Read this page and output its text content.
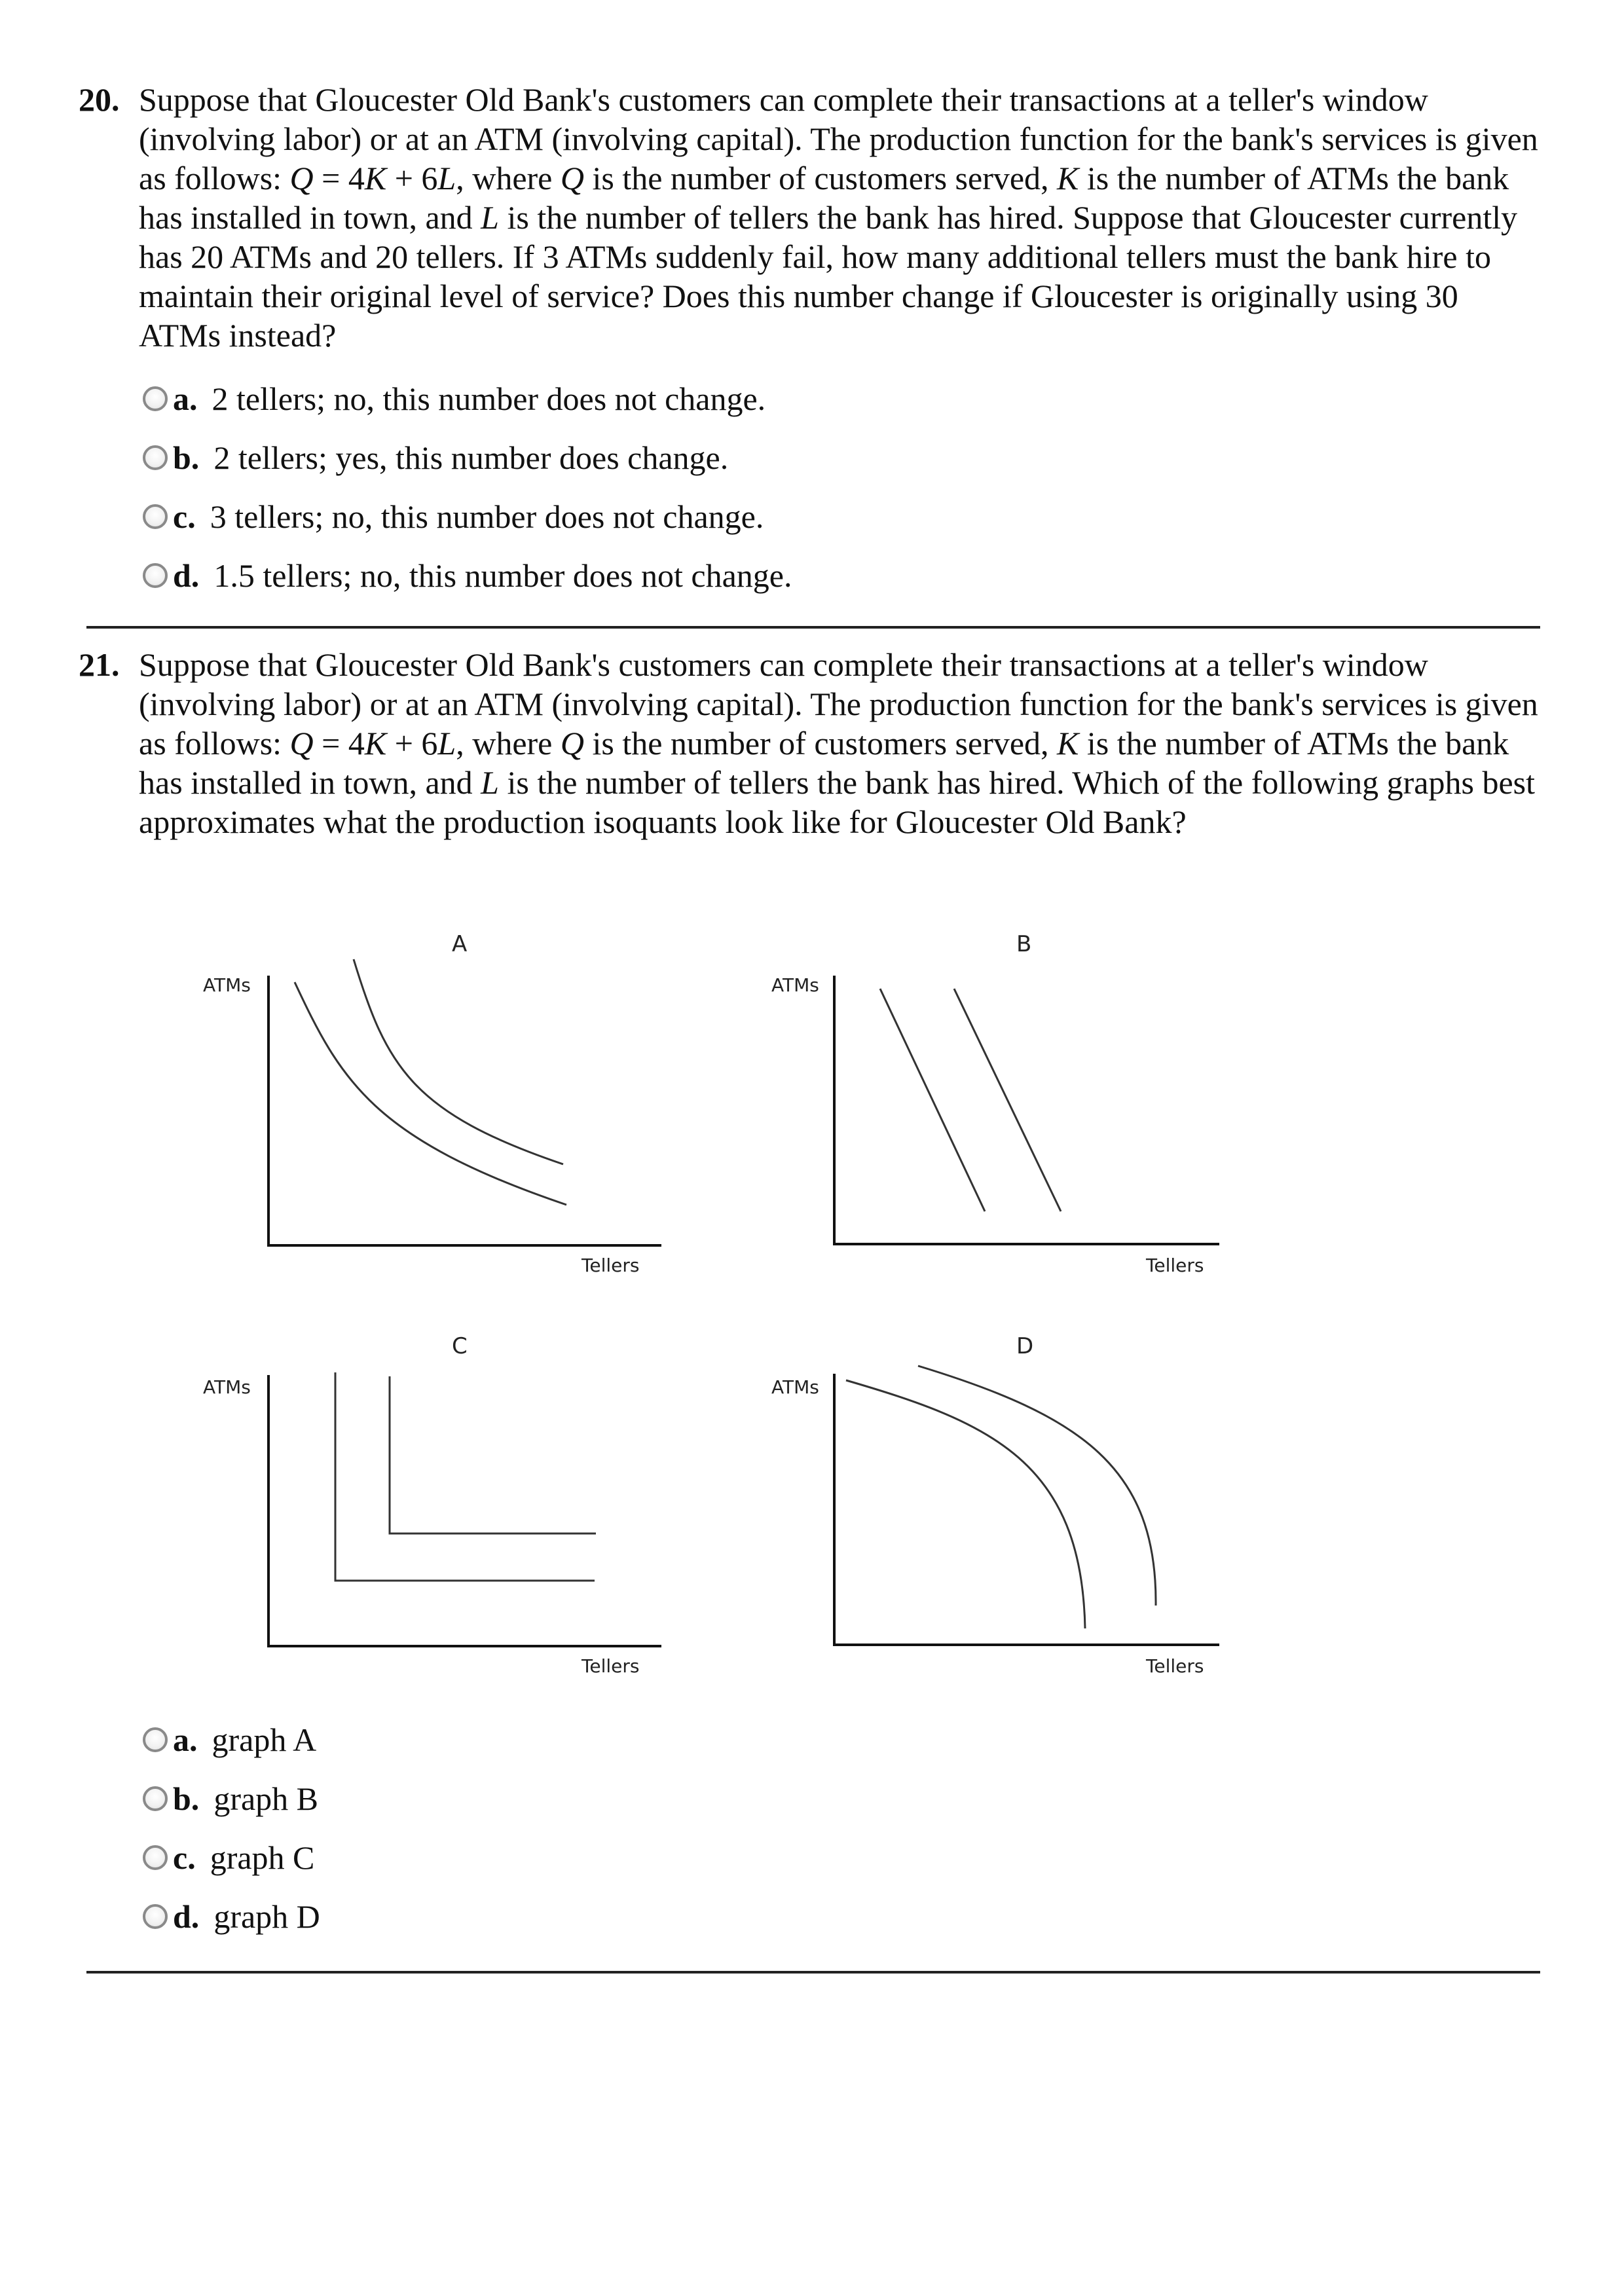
20. Suppose that Gloucester Old Bank's customers can complete their transactions at a teller's window (involving labor) or at an ATM (involving capital). The production function for the bank's services is given as follows: Q = 4K + 6L, where Q is the number of customers served, K is the number of ATMs the bank has installed in town, and L is the number of tellers the bank has hired. Suppose that Gloucester currently has 20 ATMs and 20 tellers. If 3 ATMs suddenly fail, how many additional tellers must the bank hire to maintain their original level of service? Does this number change if Gloucester is originally using 30 ATMs instead?
a. 2 tellers; no, this number does not change.
b. 2 tellers; yes, this number does change.
c. 3 tellers; no, this number does not change.
d. 1.5 tellers; no, this number does not change.
21. Suppose that Gloucester Old Bank's customers can complete their transactions at a teller's window (involving labor) or at an ATM (involving capital). The production function for the bank's services is given as follows: Q = 4K + 6L, where Q is the number of customers served, K is the number of ATMs the bank has installed in town, and L is the number of tellers the bank has hired. Which of the following graphs best approximates what the production isoquants look like for Gloucester Old Bank?
A
ATMs
Tellers
B
ATMs
Tellers
C
ATMs
Tellers
D
ATMs
Tellers
a. graph A
b. graph B
c. graph C
d. graph D
